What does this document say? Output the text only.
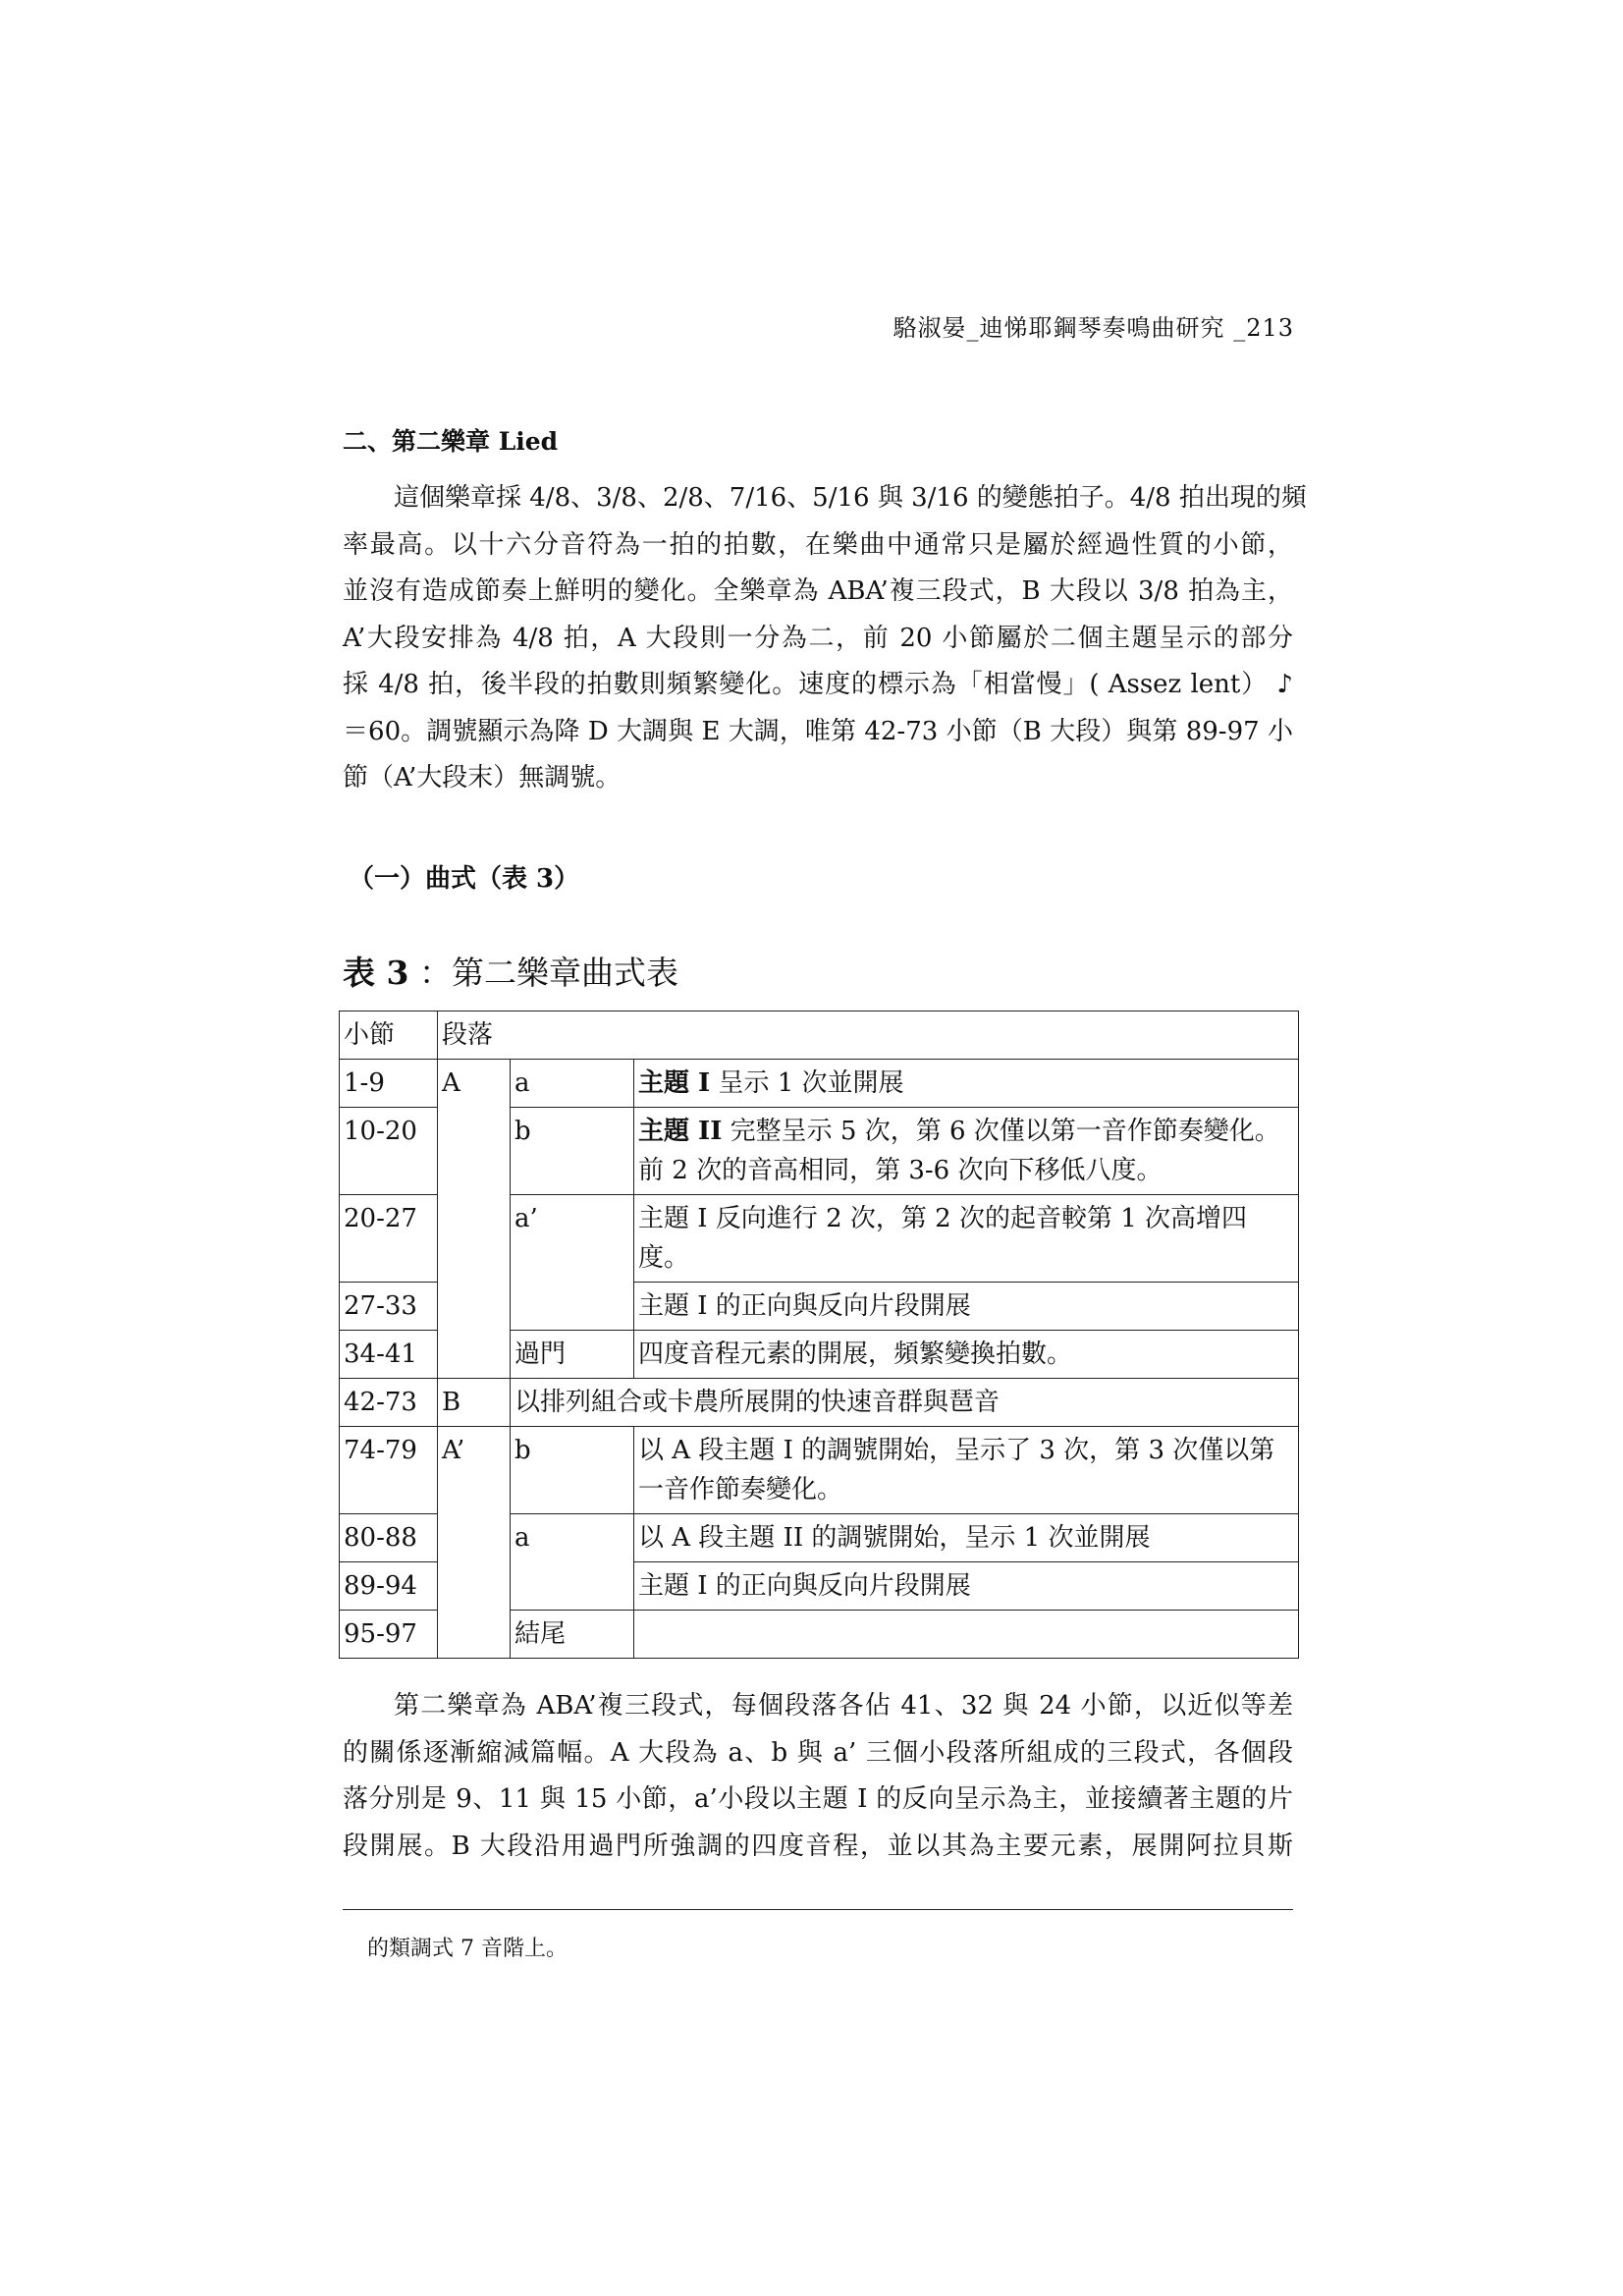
駱淑晏_迪悌耶鋼琴奏鳴曲研究 _213
二、第二樂章 Lied
這個樂章採 4/8、3/8、2/8、7/16、5/16 與 3/16 的變態拍子。4/8 拍出現的頻
率最高。以十六分音符為一拍的拍數，在樂曲中通常只是屬於經過性質的小節，
並沒有造成節奏上鮮明的變化。全樂章為 ABA’複三段式，B 大段以 3/8 拍為主，
A’大段安排為 4/8 拍，A 大段則一分為二，前 20 小節屬於二個主題呈示的部分
採 4/8 拍，後半段的拍數則頻繁變化。速度的標示為「相當慢」( Assez lent） ♪
＝60。調號顯示為降 D 大調與 E 大調，唯第 42-73 小節（B 大段）與第 89-97 小
節（A’大段末）無調號。
（一）曲式（表 3）
表 3 ：第二樂章曲式表
小節	段落		
1-9	A	a	主題 I 呈示 1 次並開展
10-20		b	主題 II 完整呈示 5 次，第 6 次僅以第一音作節奏變化。前 2 次的音高相同，第 3-6 次向下移低八度。
20-27		a’	主題 I 反向進行 2 次，第 2 次的起音較第 1 次高增四度。
27-33			主題 I 的正向與反向片段開展
34-41		過門	四度音程元素的開展，頻繁變換拍數。
42-73	B	以排列組合或卡農所展開的快速音群與琶音	
74-79	A’	b	以 A 段主題 I 的調號開始，呈示了 3 次，第 3 次僅以第一音作節奏變化。
80-88		a	以 A 段主題 II 的調號開始，呈示 1 次並開展
89-94			主題 I 的正向與反向片段開展
95-97		結尾	
第二樂章為 ABA’複三段式，每個段落各佔 41、32 與 24 小節，以近似等差
的關係逐漸縮減篇幅。A 大段為 a、b 與 a’ 三個小段落所組成的三段式，各個段
落分別是 9、11 與 15 小節，a’小段以主題 I 的反向呈示為主，並接續著主題的片
段開展。B 大段沿用過門所強調的四度音程，並以其為主要元素，展開阿拉貝斯
的類調式 7 音階上。
